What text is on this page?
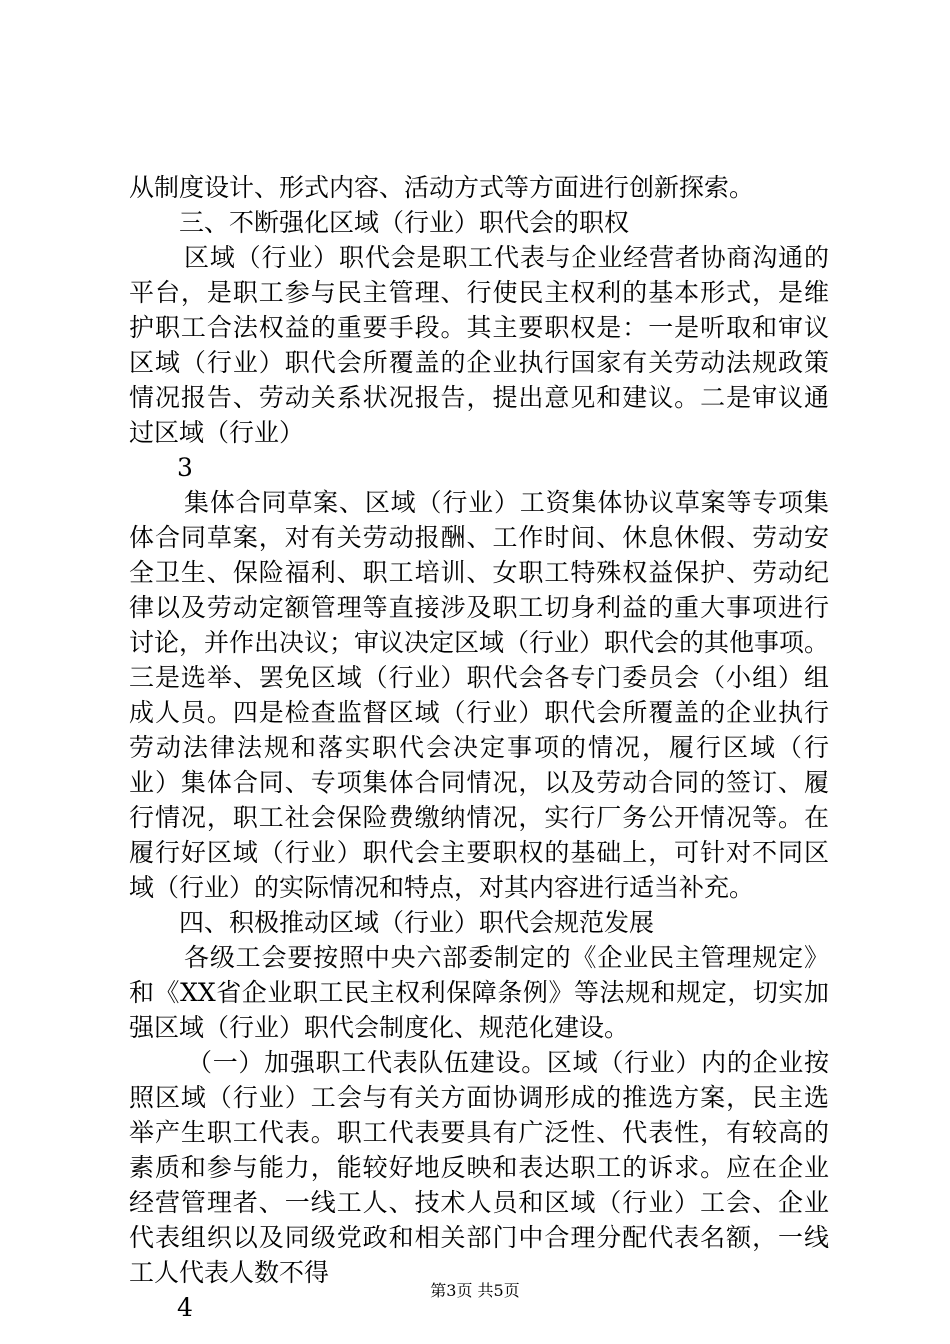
从制度设计、形式内容、活动方式等方面进行创新探索。
三、不断强化区域（行业）职代会的职权
区域（行业）职代会是职工代表与企业经营者协商沟通的
平台，是职工参与民主管理、行使民主权利的基本形式，是维
护职工合法权益的重要手段。其主要职权是：一是听取和审议
区域（行业）职代会所覆盖的企业执行国家有关劳动法规政策
情况报告、劳动关系状况报告，提出意见和建议。二是审议通
过区域（行业）
3
集体合同草案、区域（行业）工资集体协议草案等专项集
体合同草案，对有关劳动报酬、工作时间、休息休假、劳动安
全卫生、保险福利、职工培训、女职工特殊权益保护、劳动纪
律以及劳动定额管理等直接涉及职工切身利益的重大事项进行
讨论，并作出决议；审议决定区域（行业）职代会的其他事项。
三是选举、罢免区域（行业）职代会各专门委员会（小组）组
成人员。四是检查监督区域（行业）职代会所覆盖的企业执行
劳动法律法规和落实职代会决定事项的情况，履行区域（行
业）集体合同、专项集体合同情况，以及劳动合同的签订、履
行情况，职工社会保险费缴纳情况，实行厂务公开情况等。在
履行好区域（行业）职代会主要职权的基础上，可针对不同区
域（行业）的实际情况和特点，对其内容进行适当补充。
四、积极推动区域（行业）职代会规范发展
各级工会要按照中央六部委制定的《企业民主管理规定》
和《XX省企业职工民主权利保障条例》等法规和规定，切实加
强区域（行业）职代会制度化、规范化建设。
（一）加强职工代表队伍建设。区域（行业）内的企业按
照区域（行业）工会与有关方面协调形成的推选方案，民主选
举产生职工代表。职工代表要具有广泛性、代表性，有较高的
素质和参与能力，能较好地反映和表达职工的诉求。应在企业
经营管理者、一线工人、技术人员和区域（行业）工会、企业
代表组织以及同级党政和相关部门中合理分配代表名额，一线
工人代表人数不得
4
第3页 共5页
